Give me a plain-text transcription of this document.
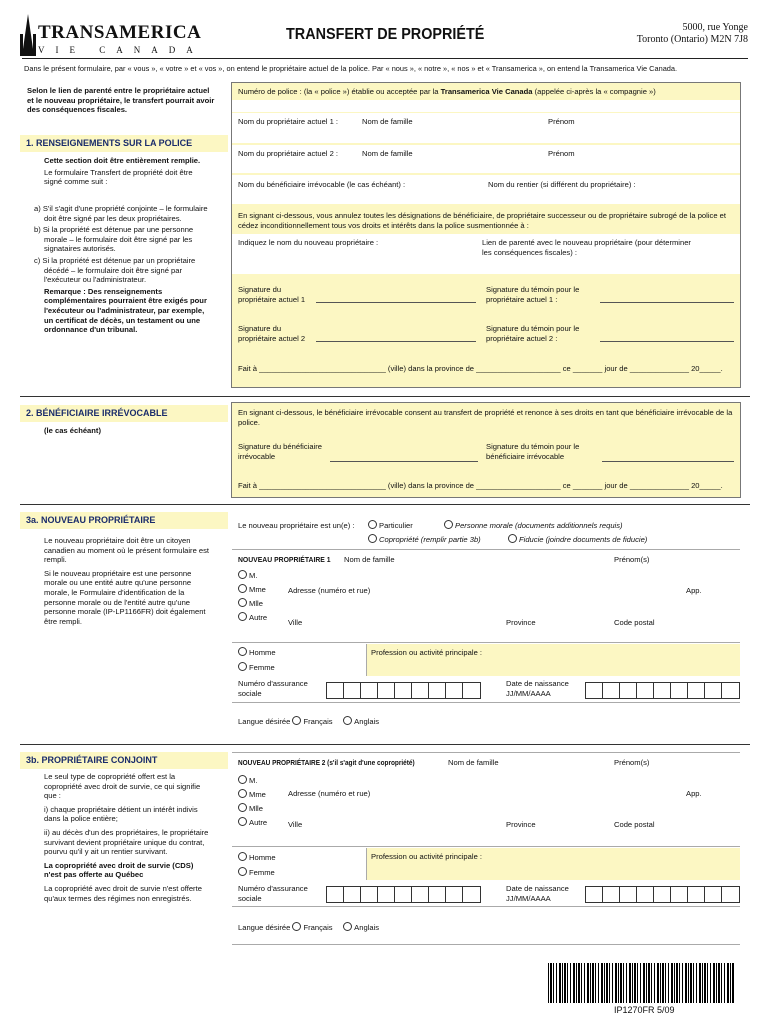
TRANSAMERICA
VIE CANADA
TRANSFERT DE PROPRIÉTÉ	5000, rue Yonge
Toronto (Ontario) M2N 7J8
Dans le présent formulaire, par « vous », « votre » et « vos », on entend le propriétaire actuel de la police. Par « nous », « notre », « nos » et « Transamerica », on entend la Transamerica Vie Canada.
Selon le lien de parenté entre le propriétaire actuel et le nouveau propriétaire, le transfert pourrait avoir des conséquences fiscales.
1. RENSEIGNEMENTS SUR LA POLICE
Cette section doit être entièrement remplie.
Le formulaire Transfert de propriété doit être signé comme suit :
a) S'il s'agit d'une propriété conjointe – le formulaire doit être signé par les deux propriétaires.
b) Si la propriété est détenue par une personne morale – le formulaire doit être signé par les signataires autorisés.
c) Si la propriété est détenue par un propriétaire décédé – le formulaire doit être signé par l'exécuteur ou l'administrateur.
Remarque : Des renseignements complémentaires pourraient être exigés pour l'exécuteur ou l'administrateur, par exemple, un certificat de décès, un testament ou une ordonnance d'un tribunal.
2. BÉNÉFICIAIRE IRRÉVOCABLE
(le cas échéant)
3a. NOUVEAU PROPRIÉTAIRE
Le nouveau propriétaire doit être un citoyen canadien au moment où le présent formulaire est rempli.
Si le nouveau propriétaire est une personne morale ou une entité autre qu'une personne morale, le Formulaire d'identification de la personne morale ou de l'entité autre qu'une personne morale (IP-LP1166FR) doit également être rempli.
3b. PROPRIÉTAIRE CONJOINT
Le seul type de copropriété offert est la copropriété avec droit de survie, ce qui signifie que :
i) chaque propriétaire détient un intérêt indivis dans la police entière;
ii) au décès d'un des propriétaires, le propriétaire survivant devient propriétaire unique du contrat, pourvu qu'il y ait un rentier survivant.
La copropriété avec droit de survie (CDS) n'est pas offerte au Québec
La copropriété avec droit de survie n'est offerte qu'aux termes des régimes non enregistrés.
Numéro de police : (la « police ») établie ou acceptée par la Transamerica Vie Canada (appelée ci-après la « compagnie »)
Nom du propriétaire actuel 1 :	Nom de famille	Prénom
Nom du propriétaire actuel 2 :	Nom de famille	Prénom
Nom du bénéficiaire irrévocable (le cas échéant) :	Nom du rentier (si différent du propriétaire) :
En signant ci-dessous, vous annulez toutes les désignations de bénéficiaire, de propriétaire successeur ou de propriétaire subrogé de la police et cédez inconditionnellement tous vos droits et intérêts dans la police susmentionnée à :
Indiquez le nom du nouveau propriétaire :	Lien de parenté avec le nouveau propriétaire (pour déterminer les conséquences fiscales) :
Signature du propriétaire actuel 1
Signature du témoin pour le propriétaire actuel 1 :
Signature du propriétaire actuel 2
Signature du témoin pour le propriétaire actuel 2 :
Fait à ______________________________ (ville) dans la province de ____________________ ce _______ jour de ______________ 20_____.
En signant ci-dessous, le bénéficiaire irrévocable consent au transfert de propriété et renonce à ses droits en tant que bénéficiaire irrévocable de la police.
Signature du bénéficiaire irrévocable
Signature du témoin pour le bénéficiaire irrévocable
Fait à ______________________________ (ville) dans la province de ____________________ ce _______ jour de ______________ 20_____.
Le nouveau propriétaire est un(e) :	Particulier	Personne morale (documents additionnels requis)
Copropriété (remplir partie 3b)	Fiducie (joindre documents de fiducie)
NOUVEAU PROPRIÉTAIRE 1 Nom de famille	Prénom(s)
M.
Mme
Mlle
Autre
Adresse (numéro et rue)	App.
Ville	Province	Code postal
Homme
Femme
Profession ou activité principale :
Numéro d'assurance sociale
Date de naissance JJ/MM/AAAA
Langue désirée Français	Anglais
NOUVEAU PROPRIÉTAIRE 2 (s'il s'agit d'une copropriété)	Nom de famille	Prénom(s)
M.
Mme
Mlle
Autre
Adresse (numéro et rue)	App.
Ville	Province	Code postal
Homme
Femme
Profession ou activité principale :
Numéro d'assurance sociale
Date de naissance JJ/MM/AAAA
Langue désirée Français	Anglais
IP1270FR 5/09
